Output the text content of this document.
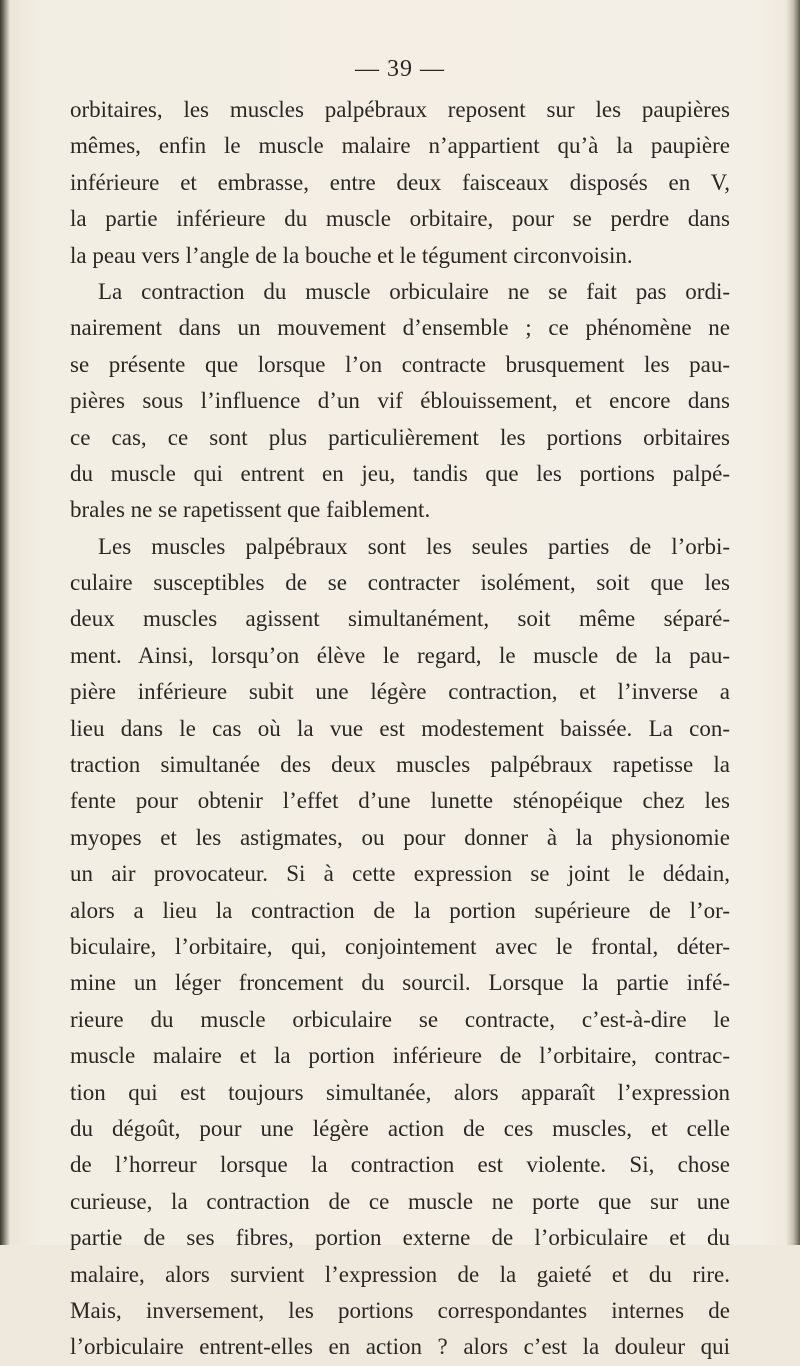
— 39 —
orbitaires, les muscles palpébraux reposent sur les paupières
mêmes, enfin le muscle malaire n’appartient qu’à la paupière
inférieure et embrasse, entre deux faisceaux disposés en V,
la partie inférieure du muscle orbitaire, pour se perdre dans
la peau vers l’angle de la bouche et le tégument circonvoisin.
La contraction du muscle orbiculaire ne se fait pas ordi-
nairement dans un mouvement d’ensemble ; ce phénomène ne
se présente que lorsque l’on contracte brusquement les pau-
pières sous l’influence d’un vif éblouissement, et encore dans
ce cas, ce sont plus particulièrement les portions orbitaires
du muscle qui entrent en jeu, tandis que les portions palpé-
brales ne se rapetissent que faiblement.
Les muscles palpébraux sont les seules parties de l’orbi-
culaire susceptibles de se contracter isolément, soit que les
deux muscles agissent simultanément, soit même séparé-
ment. Ainsi, lorsqu’on élève le regard, le muscle de la pau-
pière inférieure subit une légère contraction, et l’inverse a
lieu dans le cas où la vue est modestement baissée. La con-
traction simultanée des deux muscles palpébraux rapetisse la
fente pour obtenir l’effet d’une lunette sténopéique chez les
myopes et les astigmates, ou pour donner à la physionomie
un air provocateur. Si à cette expression se joint le dédain,
alors a lieu la contraction de la portion supérieure de l’or-
biculaire, l’orbitaire, qui, conjointement avec le frontal, déter-
mine un léger froncement du sourcil. Lorsque la partie infé-
rieure du muscle orbiculaire se contracte, c’est-à-dire le
muscle malaire et la portion inférieure de l’orbitaire, contrac-
tion qui est toujours simultanée, alors apparaît l’expression
du dégoût, pour une légère action de ces muscles, et celle
de l’horreur lorsque la contraction est violente. Si, chose
curieuse, la contraction de ce muscle ne porte que sur une
partie de ses fibres, portion externe de l’orbiculaire et du
malaire, alors survient l’expression de la gaieté et du rire.
Mais, inversement, les portions correspondantes internes de
l’orbiculaire entrent-elles en action ? alors c’est la douleur qui
